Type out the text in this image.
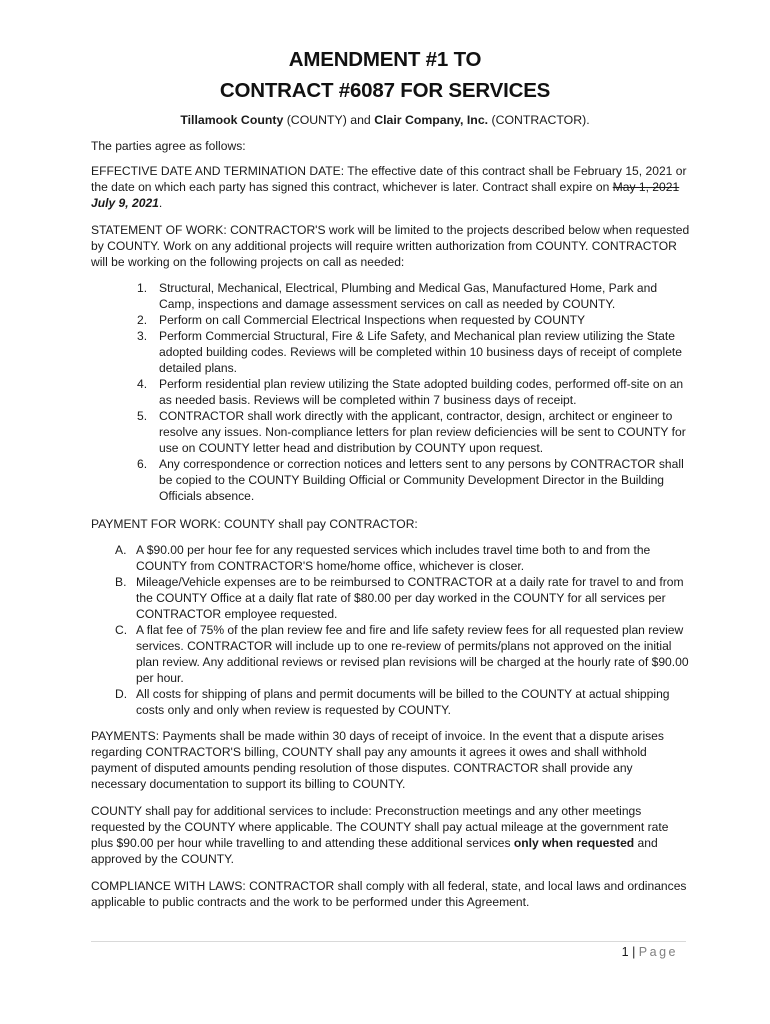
AMENDMENT #1 TO
CONTRACT #6087 FOR SERVICES
Tillamook County (COUNTY) and Clair Company, Inc. (CONTRACTOR).

The parties agree as follows:

EFFECTIVE DATE AND TERMINATION DATE: The effective date of this contract shall be February 15, 2021 or the date on which each party has signed this contract, whichever is later. Contract shall expire on May 1, 2021 July 9, 2021.

STATEMENT OF WORK: CONTRACTOR'S work will be limited to the projects described below when requested by COUNTY. Work on any additional projects will require written authorization from COUNTY. CONTRACTOR will be working on the following projects on call as needed:

1. Structural, Mechanical, Electrical, Plumbing and Medical Gas, Manufactured Home, Park and Camp, inspections and damage assessment services on call as needed by COUNTY.
2. Perform on call Commercial Electrical Inspections when requested by COUNTY
3. Perform Commercial Structural, Fire & Life Safety, and Mechanical plan review utilizing the State adopted building codes. Reviews will be completed within 10 business days of receipt of complete detailed plans.
4. Perform residential plan review utilizing the State adopted building codes, performed off-site on an as needed basis. Reviews will be completed within 7 business days of receipt.
5. CONTRACTOR shall work directly with the applicant, contractor, design, architect or engineer to resolve any issues. Non-compliance letters for plan review deficiencies will be sent to COUNTY for use on COUNTY letter head and distribution by COUNTY upon request.
6. Any correspondence or correction notices and letters sent to any persons by CONTRACTOR shall be copied to the COUNTY Building Official or Community Development Director in the Building Officials absence.

PAYMENT FOR WORK: COUNTY shall pay CONTRACTOR:

A. A $90.00 per hour fee for any requested services which includes travel time both to and from the COUNTY from CONTRACTOR'S home/home office, whichever is closer.
B. Mileage/Vehicle expenses are to be reimbursed to CONTRACTOR at a daily rate for travel to and from the COUNTY Office at a daily flat rate of $80.00 per day worked in the COUNTY for all services per CONTRACTOR employee requested.
C. A flat fee of 75% of the plan review fee and fire and life safety review fees for all requested plan review services. CONTRACTOR will include up to one re-review of permits/plans not approved on the initial plan review. Any additional reviews or revised plan revisions will be charged at the hourly rate of $90.00 per hour.
D. All costs for shipping of plans and permit documents will be billed to the COUNTY at actual shipping costs only and only when review is requested by COUNTY.

PAYMENTS: Payments shall be made within 30 days of receipt of invoice. In the event that a dispute arises regarding CONTRACTOR'S billing, COUNTY shall pay any amounts it agrees it owes and shall withhold payment of disputed amounts pending resolution of those disputes. CONTRACTOR shall provide any necessary documentation to support its billing to COUNTY.

COUNTY shall pay for additional services to include: Preconstruction meetings and any other meetings requested by the COUNTY where applicable. The COUNTY shall pay actual mileage at the government rate plus $90.00 per hour while travelling to and attending these additional services only when requested and approved by the COUNTY.

COMPLIANCE WITH LAWS: CONTRACTOR shall comply with all federal, state, and local laws and ordinances applicable to public contracts and the work to be performed under this Agreement.

1 | Page
